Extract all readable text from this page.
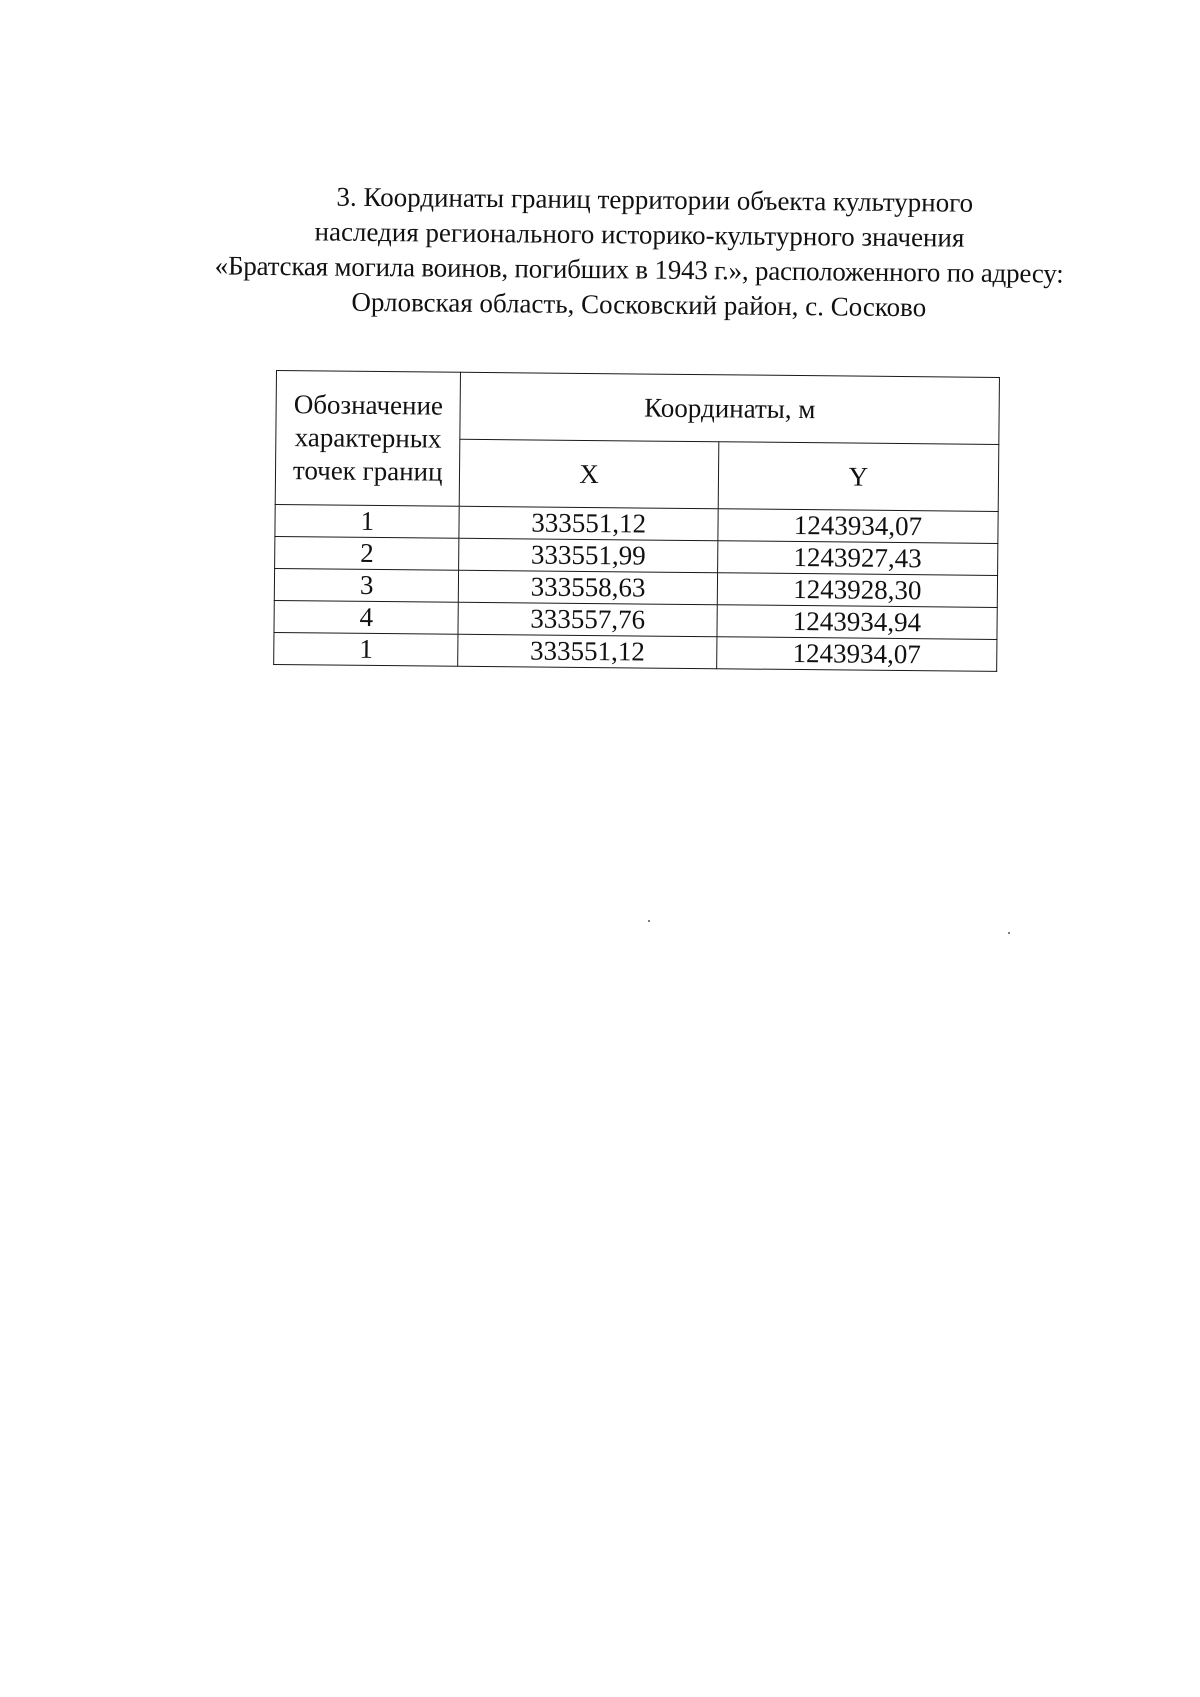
3. Координаты границ территории объекта культурного
наследия регионального историко-культурного значения
«Братская могила воинов, погибших в 1943 г.», расположенного по адресу:
Орловская область, Сосковский район, с. Сосково
Обозначение характерных точек границ	Координаты, м	
	X	Y
1	333551,12	1243934,07
2	333551,99	1243927,43
3	333558,63	1243928,30
4	333557,76	1243934,94
1	333551,12	1243934,07
